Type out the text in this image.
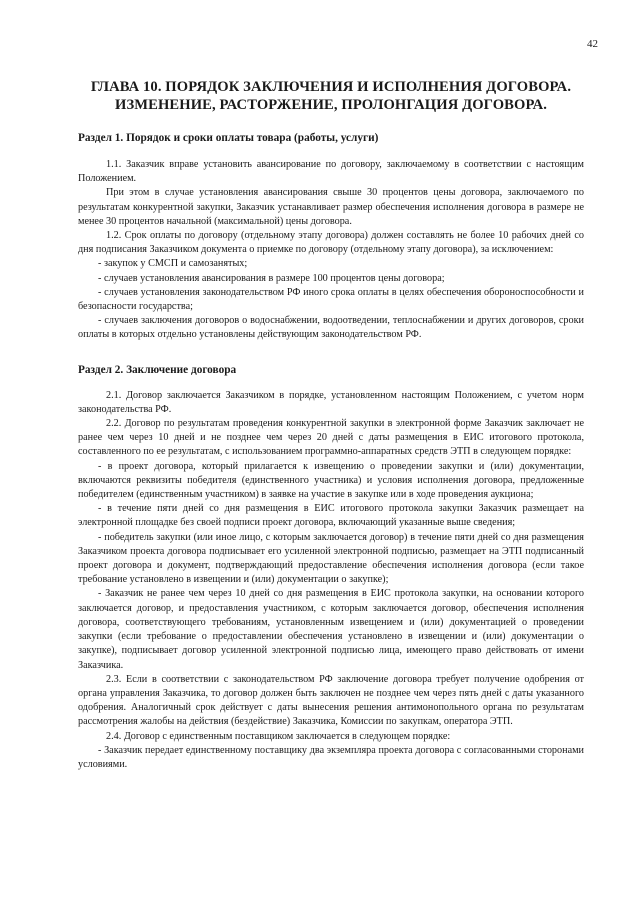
42
ГЛАВА 10. ПОРЯДОК ЗАКЛЮЧЕНИЯ И ИСПОЛНЕНИЯ ДОГОВОРА.
ИЗМЕНЕНИЕ, РАСТОРЖЕНИЕ, ПРОЛОНГАЦИЯ ДОГОВОРА.
Раздел 1. Порядок и сроки оплаты товара (работы, услуги)

1.1. Заказчик вправе установить авансирование по договору, заключаемому в соответствии с настоящим Положением.

При этом в случае установления авансирования свыше 30 процентов цены договора, заключаемого по результатам конкурентной закупки, Заказчик устанавливает размер обеспечения исполнения договора в размере не менее 30 процентов начальной (максимальной) цены договора.

1.2. Срок оплаты по договору (отдельному этапу договора) должен составлять не более 10 рабочих дней со дня подписания Заказчиком документа о приемке по договору (отдельному этапу договора), за исключением:

- закупок у СМСП и самозанятых;

- случаев установления авансирования в размере 100 процентов цены договора;

- случаев установления законодательством РФ иного срока оплаты в целях обеспечения обороноспособности и безопасности государства;

- случаев заключения договоров о водоснабжении, водоотведении, теплоснабжении и других договоров, сроки оплаты в которых отдельно установлены действующим законодательством РФ.

Раздел 2. Заключение договора

2.1. Договор заключается Заказчиком в порядке, установленном настоящим Положением, с учетом норм законодательства РФ.

2.2. Договор по результатам проведения конкурентной закупки в электронной форме Заказчик заключает не ранее чем через 10 дней и не позднее чем через 20 дней с даты размещения в ЕИС итогового протокола, составленного по ее результатам, с использованием программно-аппаратных средств ЭТП в следующем порядке:

- в проект договора, который прилагается к извещению о проведении закупки и (или) документации, включаются реквизиты победителя (единственного участника) и условия исполнения договора, предложенные победителем (единственным участником) в заявке на участие в закупке или в ходе проведения аукциона;

- в течение пяти дней со дня размещения в ЕИС итогового протокола закупки Заказчик размещает на электронной площадке без своей подписи проект договора, включающий указанные выше сведения;

- победитель закупки (или иное лицо, с которым заключается договор) в течение пяти дней со дня размещения Заказчиком проекта договора подписывает его усиленной электронной подписью, размещает на ЭТП подписанный проект договора и документ, подтверждающий предоставление обеспечения исполнения договора (если такое требование установлено в извещении и (или) документации о закупке);

- Заказчик не ранее чем через 10 дней со дня размещения в ЕИС протокола закупки, на основании которого заключается договор, и предоставления участником, с которым заключается договор, обеспечения исполнения договора, соответствующего требованиям, установленным извещением и (или) документацией о проведении закупки (если требование о предоставлении обеспечения установлено в извещении и (или) документации о закупке), подписывает договор усиленной электронной подписью лица, имеющего право действовать от имени Заказчика.

2.3. Если в соответствии с законодательством РФ заключение договора требует получение одобрения от органа управления Заказчика, то договор должен быть заключен не позднее чем через пять дней с даты указанного одобрения. Аналогичный срок действует с даты вынесения решения антимонопольного органа по результатам рассмотрения жалобы на действия (бездействие) Заказчика, Комиссии по закупкам, оператора ЭТП.

2.4. Договор с единственным поставщиком заключается в следующем порядке:

- Заказчик передает единственному поставщику два экземпляра проекта договора с согласованными сторонами условиями.
